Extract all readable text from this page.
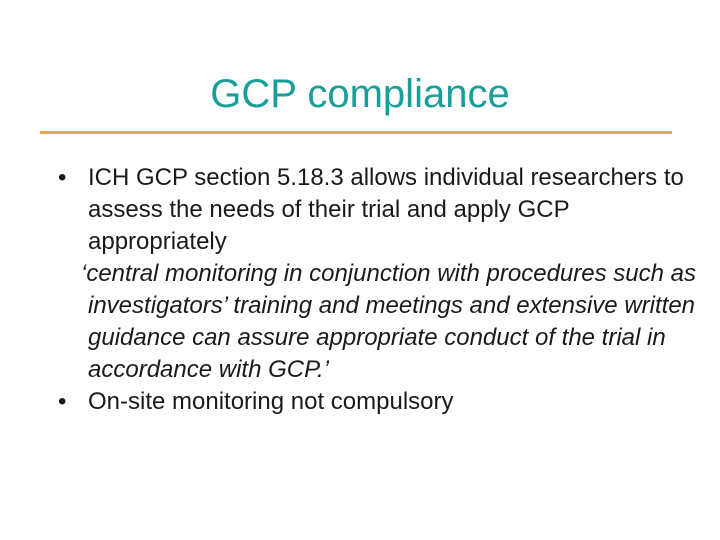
GCP compliance
• ICH GCP section 5.18.3 allows individual researchers to assess the needs of their trial and apply GCP appropriately
‘central monitoring in conjunction with procedures such as investigators’ training and meetings and extensive written guidance can assure appropriate conduct of the trial in accordance with GCP.’
• On-site monitoring not compulsory
